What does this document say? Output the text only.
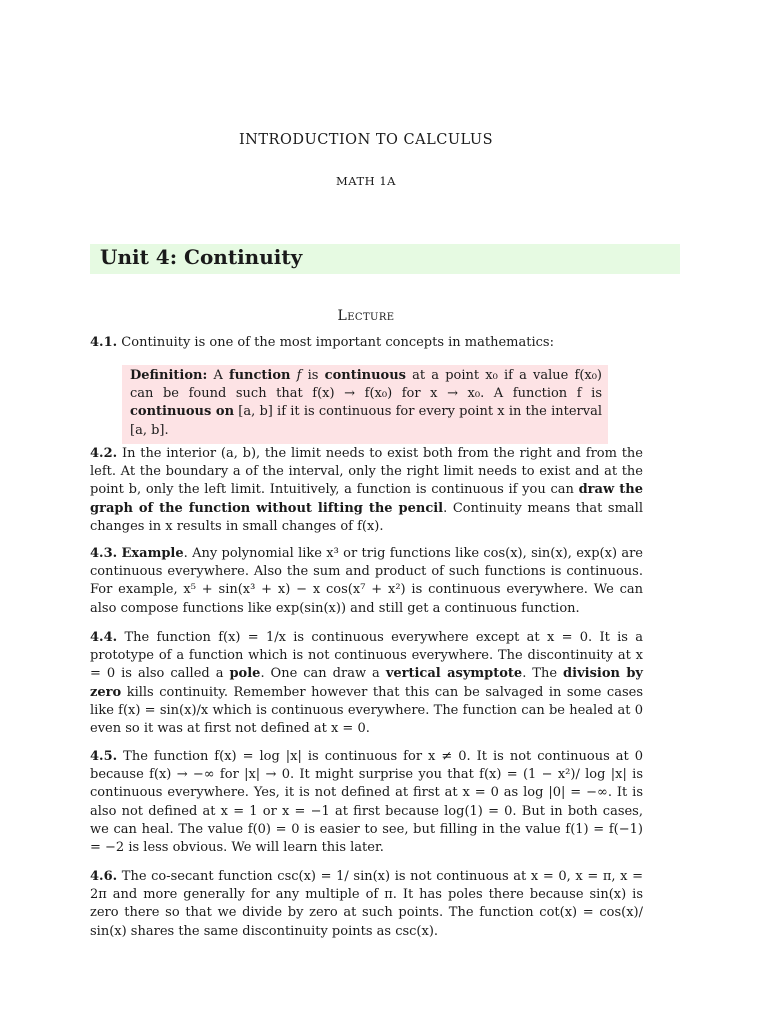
INTRODUCTION TO CALCULUS
MATH 1A
Unit 4: Continuity
Lecture
4.1. Continuity is one of the most important concepts in mathematics:
Definition: A function f is continuous at a point x₀ if a value f(x₀) can be found such that f(x) → f(x₀) for x → x₀. A function f is continuous on [a, b] if it is continuous for every point x in the interval [a, b].
4.2. In the interior (a, b), the limit needs to exist both from the right and from the left. At the boundary a of the interval, only the right limit needs to exist and at the point b, only the left limit. Intuitively, a function is continuous if you can draw the graph of the function without lifting the pencil. Continuity means that small changes in x results in small changes of f(x).
4.3. Example. Any polynomial like x³ or trig functions like cos(x), sin(x), exp(x) are continuous everywhere. Also the sum and product of such functions is continuous. For example, x⁵ + sin(x³ + x) − x cos(x⁷ + x²) is continuous everywhere. We can also compose functions like exp(sin(x)) and still get a continuous function.
4.4. The function f(x) = 1/x is continuous everywhere except at x = 0. It is a prototype of a function which is not continuous everywhere. The discontinuity at x = 0 is also called a pole. One can draw a vertical asymptote. The division by zero kills continuity. Remember however that this can be salvaged in some cases like f(x) = sin(x)/x which is continuous everywhere. The function can be healed at 0 even so it was at first not defined at x = 0.
4.5. The function f(x) = log |x| is continuous for x ≠ 0. It is not continuous at 0 because f(x) → −∞ for |x| → 0. It might surprise you that f(x) = (1 − x²)/ log |x| is continuous everywhere. Yes, it is not defined at first at x = 0 as log |0| = −∞. It is also not defined at x = 1 or x = −1 at first because log(1) = 0. But in both cases, we can heal. The value f(0) = 0 is easier to see, but filling in the value f(1) = f(−1) = −2 is less obvious. We will learn this later.
4.6. The co-secant function csc(x) = 1/ sin(x) is not continuous at x = 0, x = π, x = 2π and more generally for any multiple of π. It has poles there because sin(x) is zero there so that we divide by zero at such points. The function cot(x) = cos(x)/ sin(x) shares the same discontinuity points as csc(x).
